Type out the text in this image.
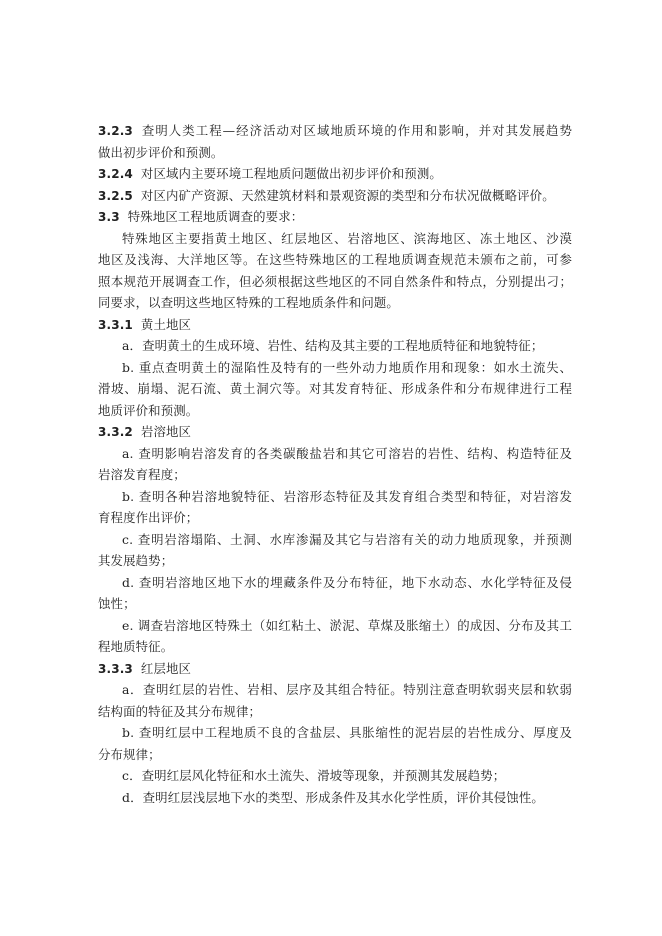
3.2.3 查明人类工程—经济活动对区域地质环境的作用和影响，并对其发展趋势
做出初步评价和预测。
3.2.4 对区域内主要环境工程地质问题做出初步评价和预测。
3.2.5 对区内矿产资源、天然建筑材料和景观资源的类型和分布状况做概略评价。
3.3 特殊地区工程地质调查的要求：
特殊地区主要指黄土地区、红层地区、岩溶地区、滨海地区、冻土地区、沙漠
地区及浅海、大洋地区等。在这些特殊地区的工程地质调查规范未颁布之前，可参
照本规范开展调查工作，但必须根据这些地区的不同自然条件和特点，分别提出刁；
同要求，以查明这些地区特殊的工程地质条件和问题。
3.3.1 黄土地区
a．查明黄土的生成环境、岩性、结构及其主要的工程地质特征和地貌特征；
b. 重点查明黄土的湿陷性及特有的一些外动力地质作用和现象：如水土流失、
滑坡、崩塌、泥石流、黄土洞穴等。对其发育特征、形成条件和分布规律进行工程
地质评价和预测。
3.3.2 岩溶地区
a. 查明影响岩溶发育的各类碳酸盐岩和其它可溶岩的岩性、结构、构造特征及
岩溶发育程度；
b. 查明各种岩溶地貌特征、岩溶形态特征及其发育组合类型和特征，对岩溶发
育程度作出评价；
c. 查明岩溶塌陷、土洞、水库渗漏及其它与岩溶有关的动力地质现象，并预测
其发展趋势；
d. 查明岩溶地区地下水的埋藏条件及分布特征，地下水动态、水化学特征及侵
蚀性；
e. 调查岩溶地区特殊土（如红粘土、淤泥、草煤及胀缩土）的成因、分布及其工
程地质特征。
3.3.3 红层地区
a．查明红层的岩性、岩相、层序及其组合特征。特别注意查明软弱夹层和软弱
结构面的特征及其分布规律；
b. 查明红层中工程地质不良的含盐层、具胀缩性的泥岩层的岩性成分、厚度及
分布规律；
c．查明红层风化特征和水土流失、滑坡等现象，并预测其发展趋势；
d．查明红层浅层地下水的类型、形成条件及其水化学性质，评价其侵蚀性。
